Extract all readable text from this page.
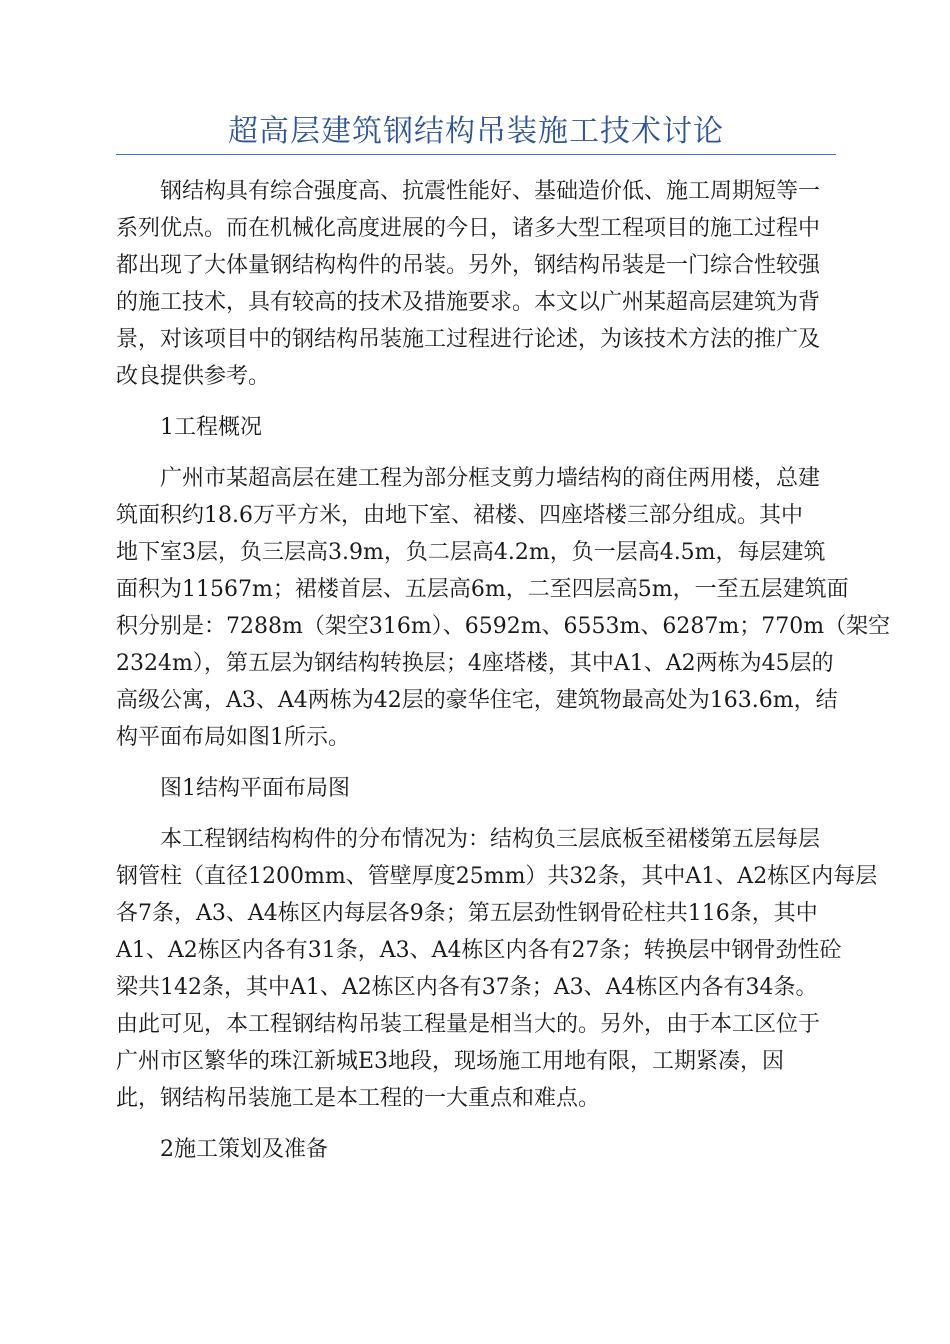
超高层建筑钢结构吊装施工技术讨论

钢结构具有综合强度高、抗震性能好、基础造价低、施工周期短等一
系列优点。而在机械化高度进展的今日，诸多大型工程项目的施工过程中
都出现了大体量钢结构构件的吊装。另外，钢结构吊装是一门综合性较强
的施工技术，具有较高的技术及措施要求。本文以广州某超高层建筑为背
景，对该项目中的钢结构吊装施工过程进行论述，为该技术方法的推广及
改良提供参考。

1工程概况

广州市某超高层在建工程为部分框支剪力墙结构的商住两用楼，总建
筑面积约18.6万平方米，由地下室、裙楼、四座塔楼三部分组成。其中
地下室3层，负三层高3.9m，负二层高4.2m，负一层高4.5m，每层建筑
面积为11567m；裙楼首层、五层高6m，二至四层高5m，一至五层建筑面
积分别是：7288m（架空316m）、6592m、6553m、6287m；770m（架空
2324m），第五层为钢结构转换层；4座塔楼，其中A1、A2两栋为45层的
高级公寓，A3、A4两栋为42层的豪华住宅，建筑物最高处为163.6m，结
构平面布局如图1所示。

图1结构平面布局图

本工程钢结构构件的分布情况为：结构负三层底板至裙楼第五层每层
钢管柱（直径1200mm、管壁厚度25mm）共32条，其中A1、A2栋区内每层
各7条，A3、A4栋区内每层各9条；第五层劲性钢骨砼柱共116条，其中
A1、A2栋区内各有31条，A3、A4栋区内各有27条；转换层中钢骨劲性砼
梁共142条，其中A1、A2栋区内各有37条；A3、A4栋区内各有34条。
由此可见，本工程钢结构吊装工程量是相当大的。另外，由于本工区位于
广州市区繁华的珠江新城E3地段，现场施工用地有限，工期紧凑，因
此，钢结构吊装施工是本工程的一大重点和难点。

2施工策划及准备
